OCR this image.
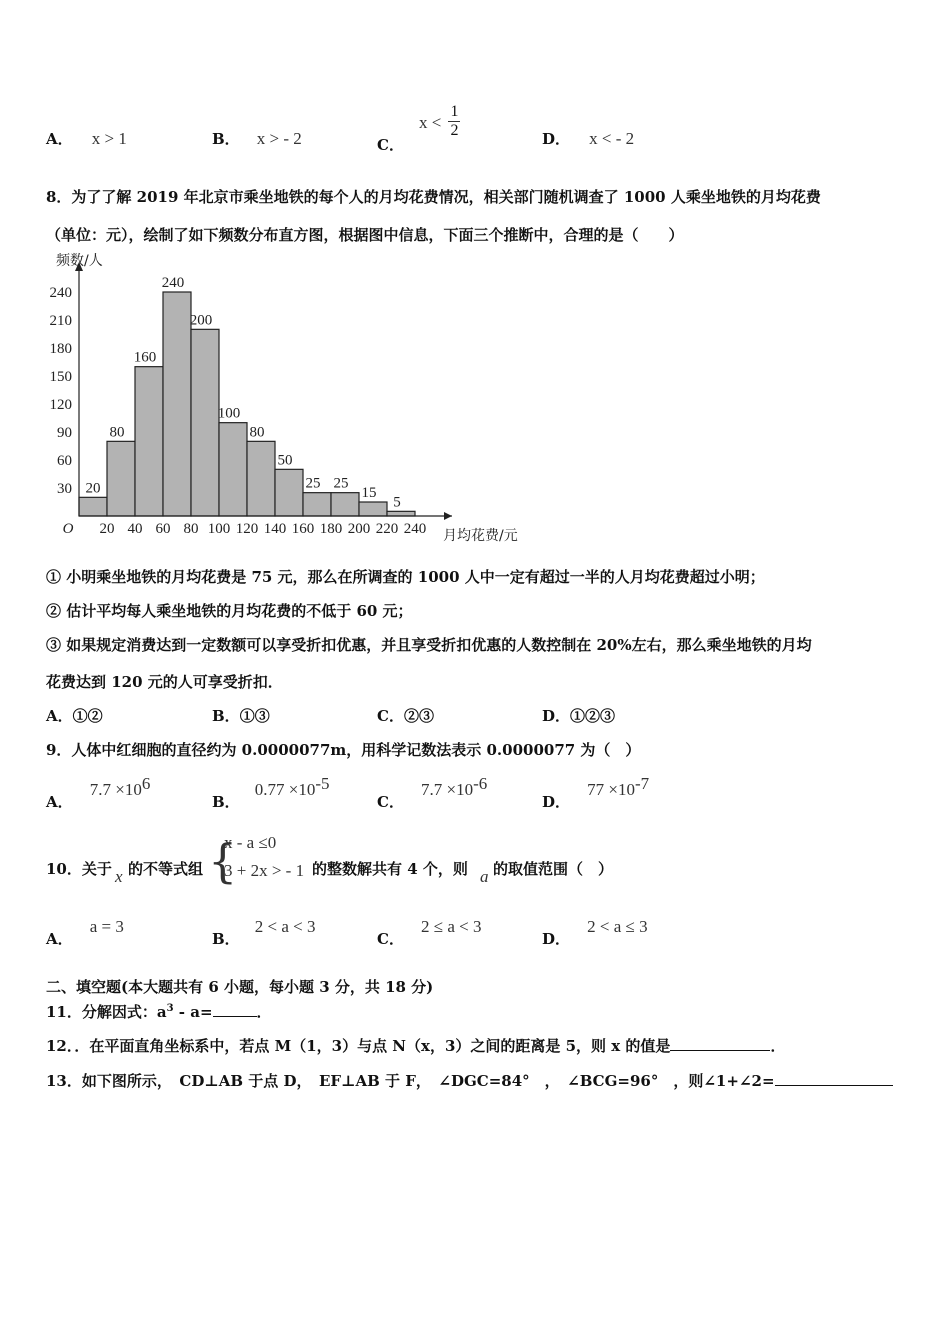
A． x > 1	B． x > - 2	C． $x < \frac{1}{2}$	D． x < - 2
8．为了了解 2019 年北京市乘坐地铁的每个人的月均花费情况，相关部门随机调查了 1000 人乘坐地铁的月均花费
（单位：元），绘制了如下频数分布直方图，根据图中信息，下面三个推断中，合理的是（　　）
20
80
160
240
200
100
80
50
25 25
15
5
30
60
90
120
150
180
210
240
20 40 60 80 100 120 140 160 180 200 220 240
O
频数/人
月均花费/元
① 小明乘坐地铁的月均花费是 75 元，那么在所调查的 1000 人中一定有超过一半的人月均花费超过小明；
② 估计平均每人乘坐地铁的月均花费的不低于 60 元；
③ 如果规定消费达到一定数额可以享受折扣优惠，并且享受折扣优惠的人数控制在 20%左右，那么乘坐地铁的月均
花费达到 120 元的人可享受折扣．
A．①②	B．①③	C．②③	D．①②③
9．人体中红细胞的直径约为 0.0000077m，用科学记数法表示 0.0000077 为（　）
A． $7.7 \times 10^6$
B． $0.77 \times 10^{-5}$
C． $7.7 \times 10^{-6}$
D． $77 \times 10^{-7}$
10．关于 x 的不等式组 {
x - a ≤0
3 + 2x > - 1 的整数解共有 4 个，则 a 的取值范围（　）
A． a = 3
B． 2 < a < 3
C． 2 ≤ a < 3
D． 2 < a ≤ 3
二、填空题(本大题共有 6 小题，每小题 3 分，共 18 分)
11．分解因式：$a^3 - a=$	．
12．．在平面直角坐标系中，若点 M（1，3）与点 N（x，3）之间的距离是 5，则 x 的值是	．
13．如下图所示，　CD⊥AB 于点 D，　EF⊥AB 于 F，　∠DGC=84°　，　∠BCG=96°　，则∠1+∠2=
